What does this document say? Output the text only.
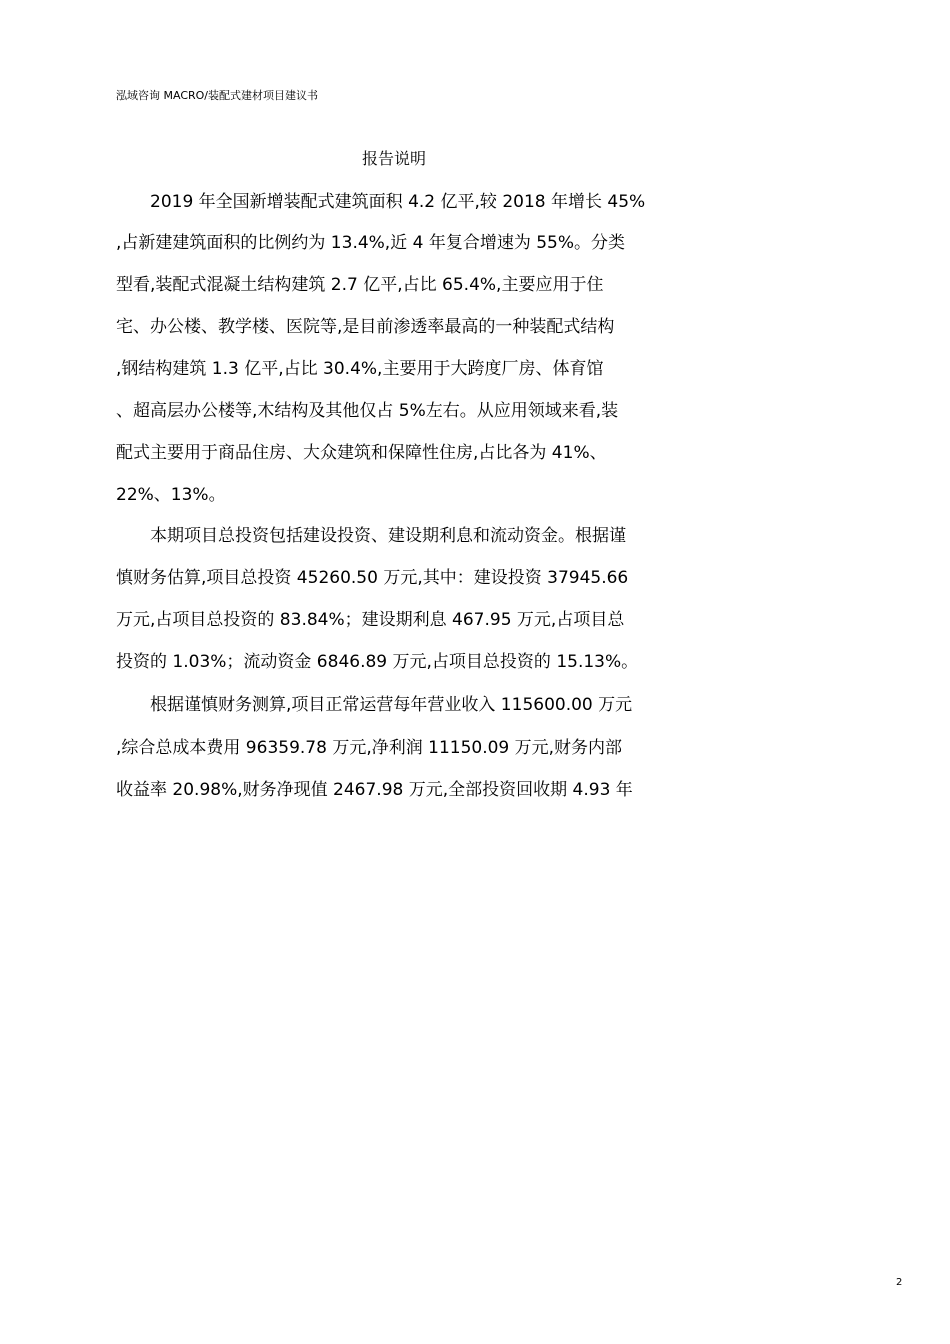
泓域咨询 MACRO/装配式建材项目建议书
报告说明
2019 年全国新增装配式建筑面积 4.2 亿平,较 2018 年增长 45%
,占新建建筑面积的比例约为 13.4%,近 4 年复合增速为 55%。分类
型看,装配式混凝土结构建筑 2.7 亿平,占比 65.4%,主要应用于住
宅、办公楼、教学楼、医院等,是目前渗透率最高的一种装配式结构
,钢结构建筑 1.3 亿平,占比 30.4%,主要用于大跨度厂房、体育馆
、超高层办公楼等,木结构及其他仅占 5%左右。从应用领域来看,装
配式主要用于商品住房、大众建筑和保障性住房,占比各为 41%、
22%、13%。
本期项目总投资包括建设投资、建设期利息和流动资金。根据谨
慎财务估算,项目总投资 45260.50 万元,其中：建设投资 37945.66
万元,占项目总投资的 83.84%；建设期利息 467.95 万元,占项目总
投资的 1.03%；流动资金 6846.89 万元,占项目总投资的 15.13%。
根据谨慎财务测算,项目正常运营每年营业收入 115600.00 万元
,综合总成本费用 96359.78 万元,净利润 11150.09 万元,财务内部
收益率 20.98%,财务净现值 2467.98 万元,全部投资回收期 4.93 年
2
